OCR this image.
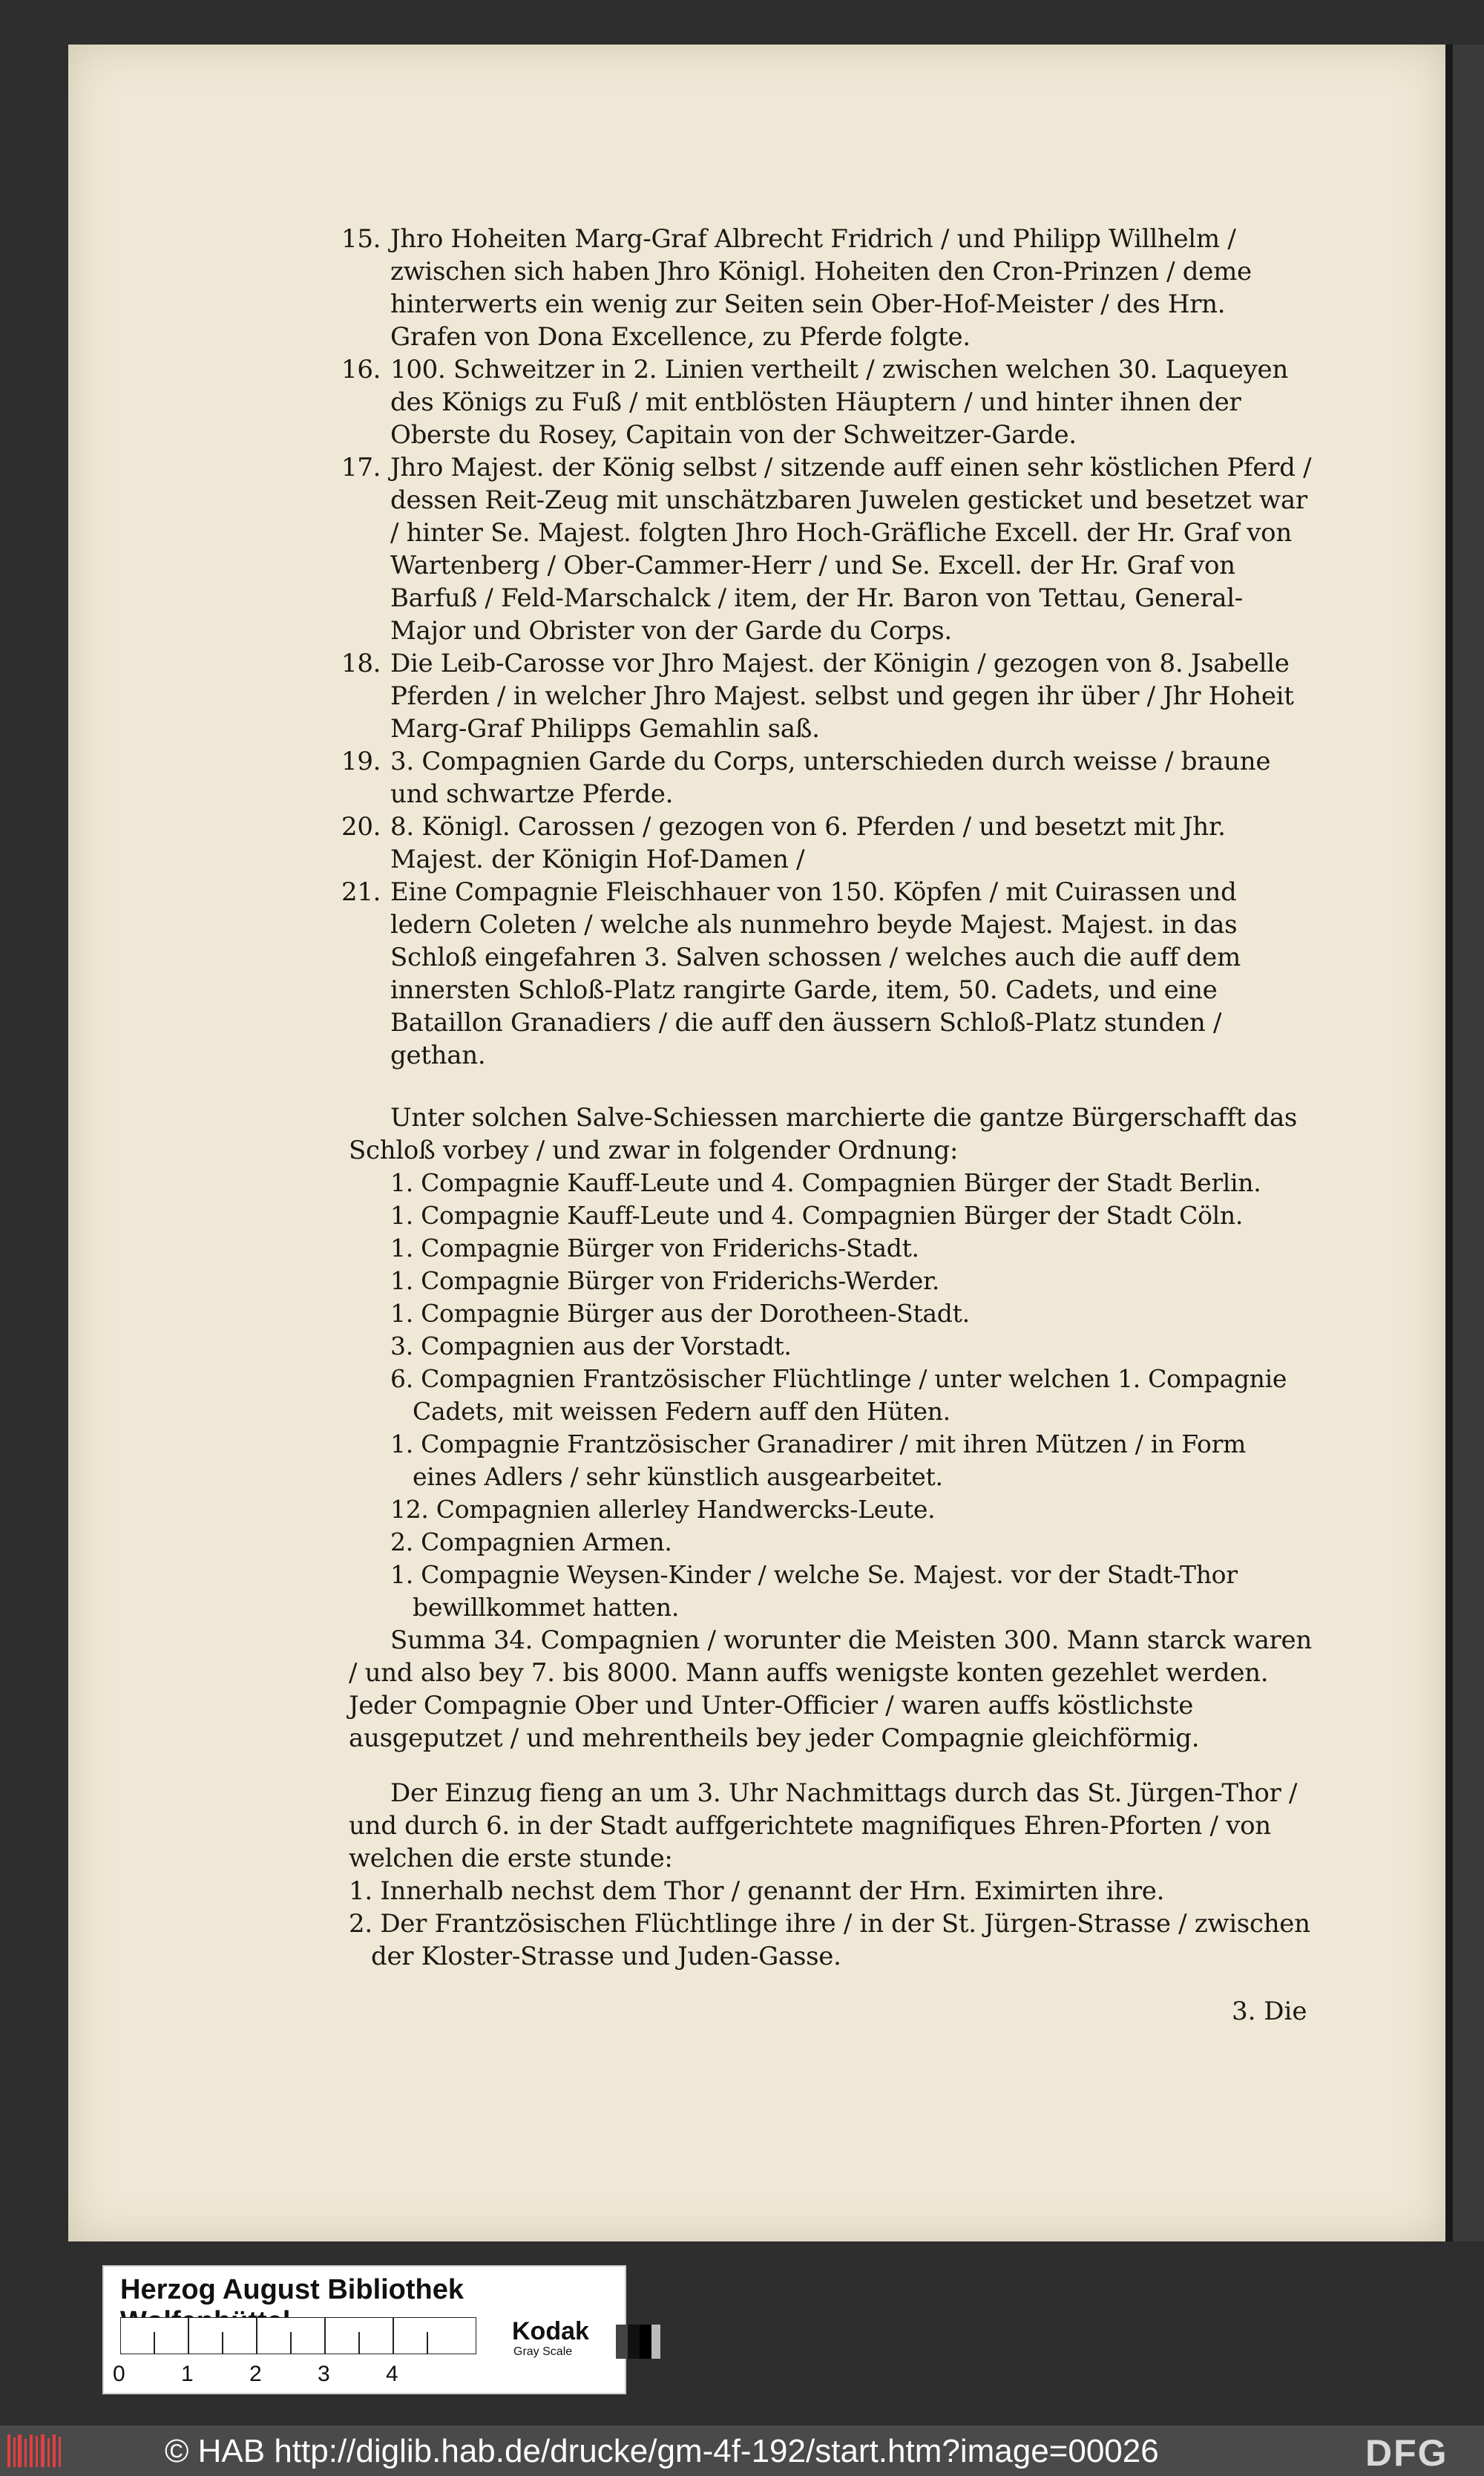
15. Jhro Hoheiten Marg-Graf Albrecht Fridrich / und Philipp Willhelm / zwischen sich haben Jhro Königl. Hoheiten den Cron-Prinzen / deme hinterwerts ein wenig zur Seiten sein Ober-Hof-Meister / des Hrn. Grafen von Dona Excellence, zu Pferde folgte.
16. 100. Schweitzer in 2. Linien vertheilt / zwischen welchen 30. Laqueyen des Königs zu Fuß / mit entblösten Häuptern / und hinter ihnen der Oberste du Rosey, Capitain von der Schweitzer-Garde.
17. Jhro Majest. der König selbst / sitzende auff einen sehr köstlichen Pferd / dessen Reit-Zeug mit unschätzbaren Juwelen gesticket und besetzet war / hinter Se. Majest. folgten Jhro Hoch-Gräfliche Excell. der Hr. Graf von Wartenberg / Ober-Cammer-Herr / und Se. Excell. der Hr. Graf von Barfuß / Feld-Marschalck / item, der Hr. Baron von Tettau, General-Major und Obrister von der Garde du Corps.
18. Die Leib-Carosse vor Jhro Majest. der Königin / gezogen von 8. Jsabelle Pferden / in welcher Jhro Majest. selbst und gegen ihr über / Jhr Hoheit Marg-Graf Philipps Gemahlin saß.
19. 3. Compagnien Garde du Corps, unterschieden durch weisse / braune und schwartze Pferde.
20. 8. Königl. Carossen / gezogen von 6. Pferden / und besetzt mit Jhr. Majest. der Königin Hof-Damen /
21. Eine Compagnie Fleischhauer von 150. Köpfen / mit Cuirassen und ledern Coleten / welche als nunmehro beyde Majest. Majest. in das Schloß eingefahren 3. Salven schossen / welches auch die auff dem innersten Schloß-Platz rangirte Garde, item, 50. Cadets, und eine Bataillon Granadiers / die auff den äussern Schloß-Platz stunden / gethan.

Unter solchen Salve-Schiessen marchierte die gantze Bürgerschafft das Schloß vorbey / und zwar in folgender Ordnung:

1. Compagnie Kauff-Leute und 4. Compagnien Bürger der Stadt Berlin.

1. Compagnie Kauff-Leute und 4. Compagnien Bürger der Stadt Cöln.

1. Compagnie Bürger von Friderichs-Stadt.

1. Compagnie Bürger von Friderichs-Werder.

1. Compagnie Bürger aus der Dorotheen-Stadt.

3. Compagnien aus der Vorstadt.

6. Compagnien Frantzösischer Flüchtlinge / unter welchen 1. Compagnie Cadets, mit weissen Federn auff den Hüten.

1. Compagnie Frantzösischer Granadirer / mit ihren Mützen / in Form eines Adlers / sehr künstlich ausgearbeitet.

12. Compagnien allerley Handwercks-Leute.

2. Compagnien Armen.

1. Compagnie Weysen-Kinder / welche Se. Majest. vor der Stadt-Thor bewillkommet hatten.

Summa 34. Compagnien / worunter die Meisten 300. Mann starck waren / und also bey 7. bis 8000. Mann auffs wenigste konten gezehlet werden. Jeder Compagnie Ober und Unter-Officier / waren auffs köstlichste ausgeputzet / und mehrentheils bey jeder Compagnie gleichförmig.

Der Einzug fieng an um 3. Uhr Nachmittags durch das St. Jürgen-Thor / und durch 6. in der Stadt auffgerichtete magnifiques Ehren-Pforten / von welchen die erste stunde:

1. Innerhalb nechst dem Thor / genannt der Hrn. Eximirten ihre.

2. Der Frantzösischen Flüchtlinge ihre / in der St. Jürgen-Strasse / zwischen der Kloster-Strasse und Juden-Gasse.

3. Die
Herzog August Bibliothek
0	1	2	3	4
Kodak
Gray Scale
© HAB http://diglib.hab.de/drucke/gm-4f-192/start.htm?image=00026	DFG
